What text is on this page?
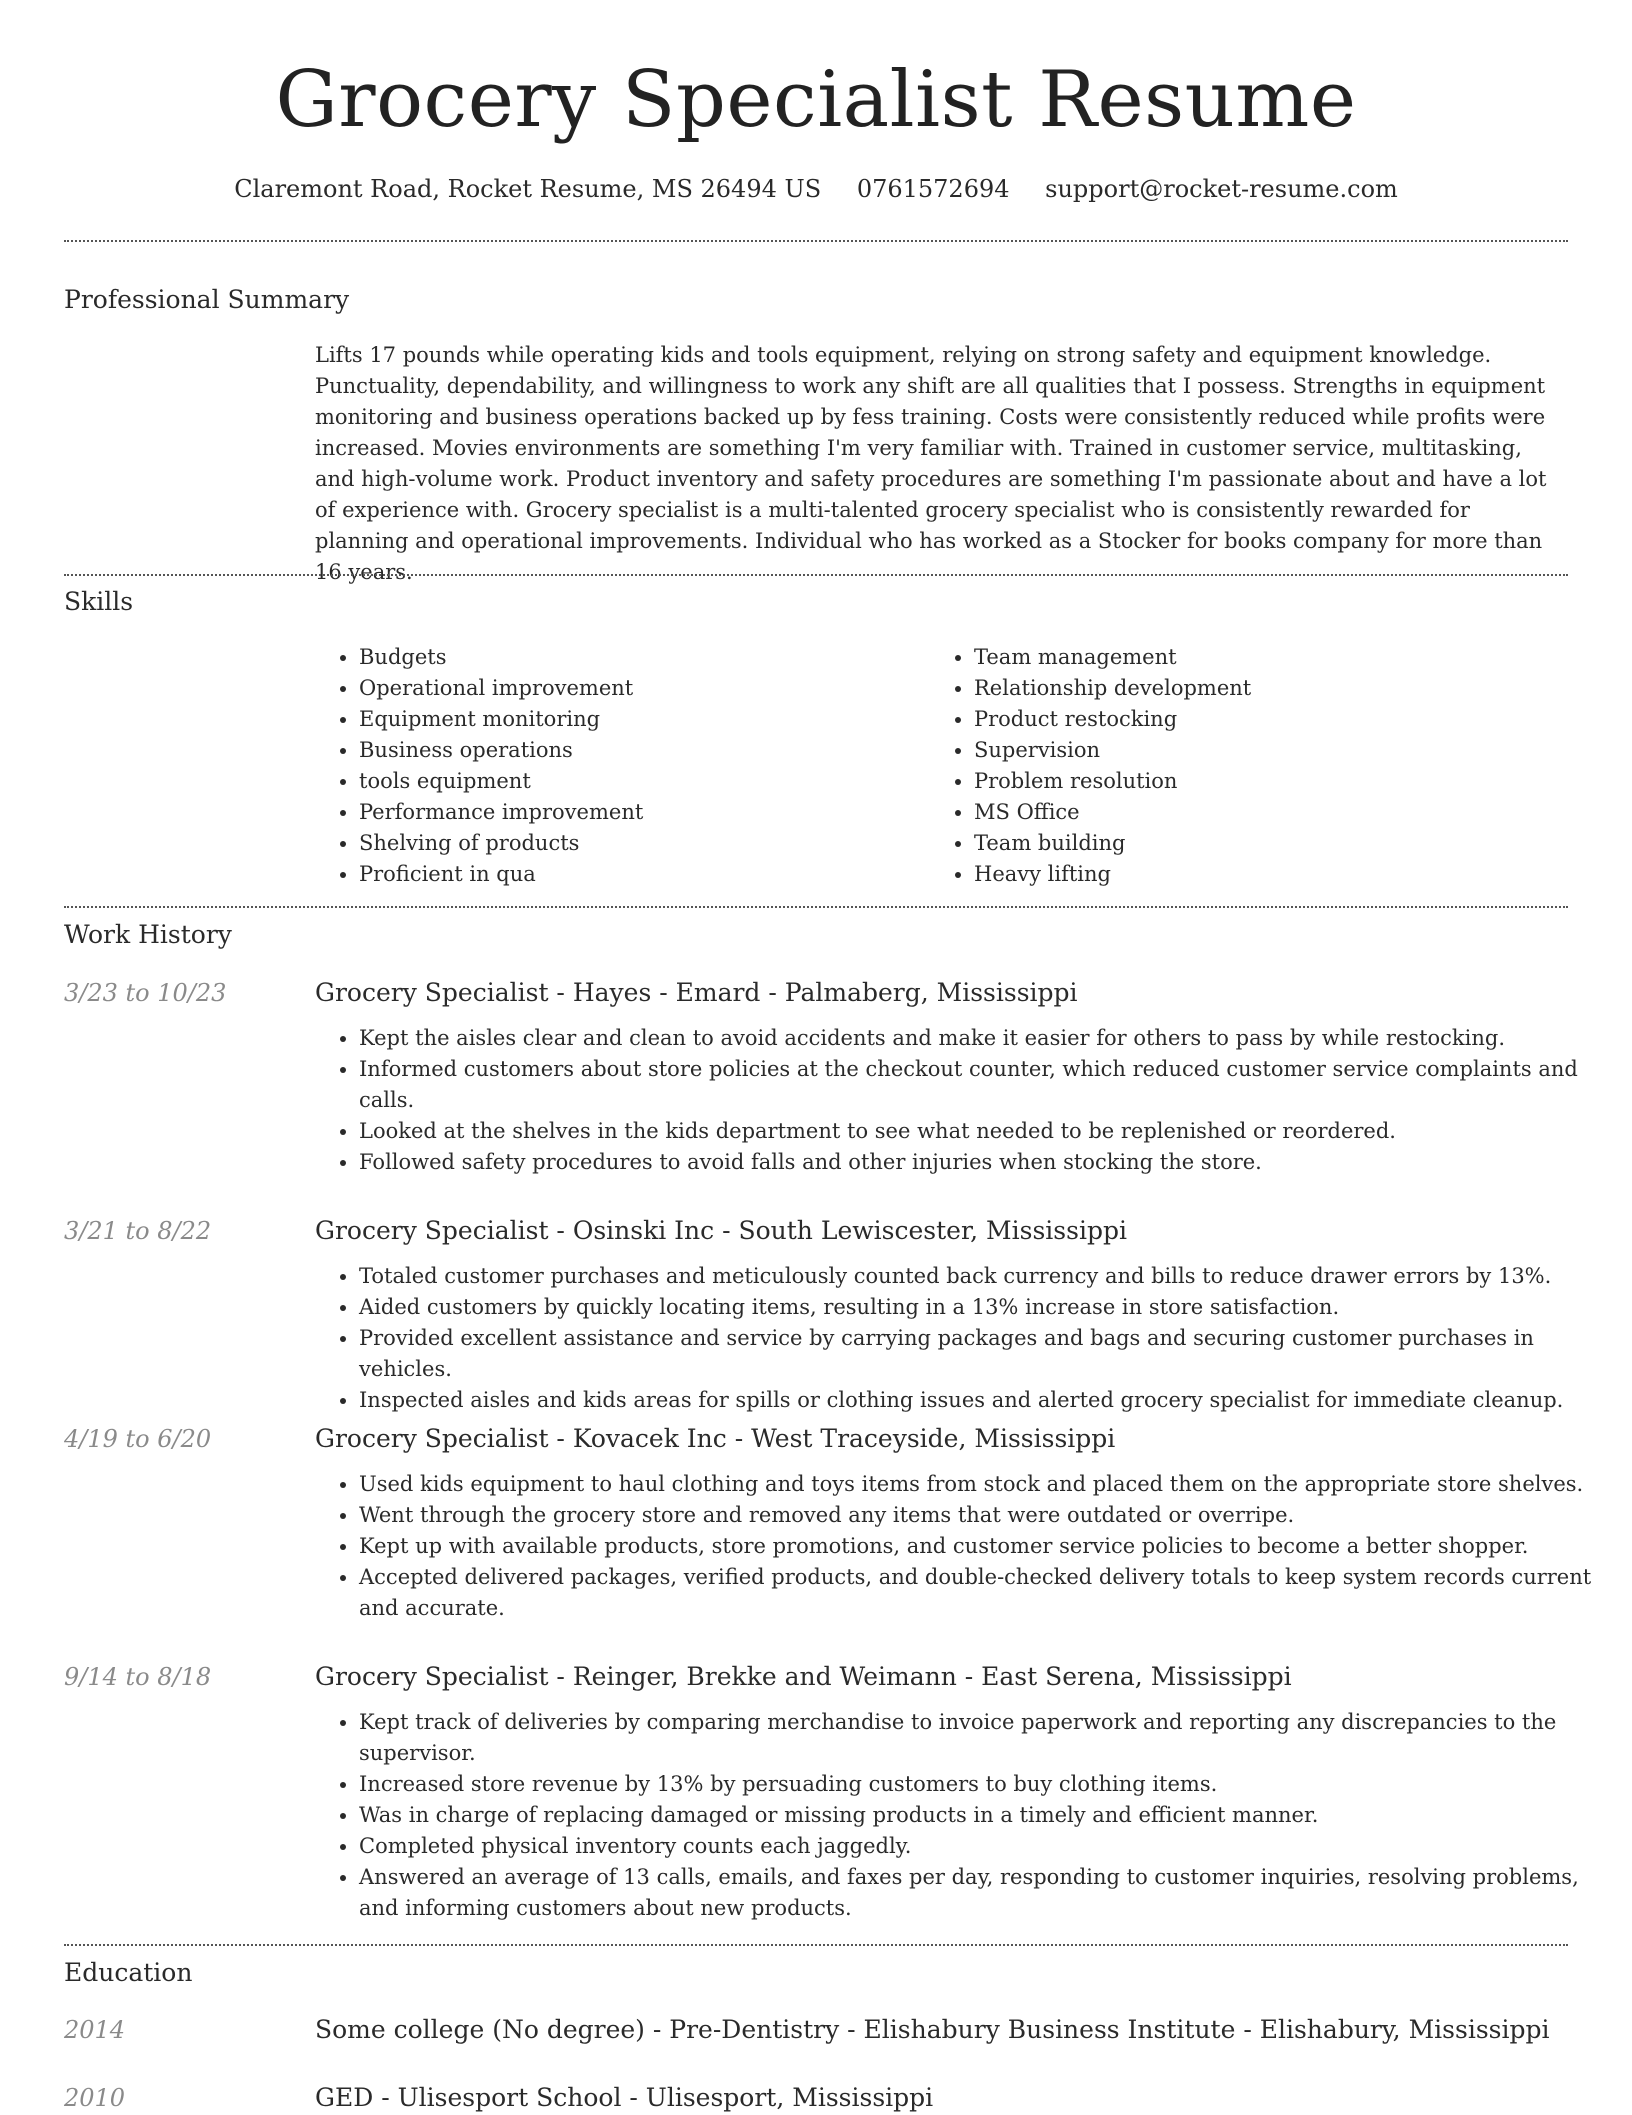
Grocery Specialist Resume
Claremont Road, Rocket Resume, MS 26494 US 0761572694 support@rocket-resume.com
Professional Summary
Lifts 17 pounds while operating kids and tools equipment, relying on strong safety and equipment knowledge. Punctuality, dependability, and willingness to work any shift are all qualities that I possess. Strengths in equipment monitoring and business operations backed up by fess training. Costs were consistently reduced while profits were increased. Movies environments are something I'm very familiar with. Trained in customer service, multitasking, and high-volume work. Product inventory and safety procedures are something I'm passionate about and have a lot of experience with. Grocery specialist is a multi-talented grocery specialist who is consistently rewarded for planning and operational improvements. Individual who has worked as a Stocker for books company for more than 16 years.
Skills
• Budgets
• Operational improvement
• Equipment monitoring
• Business operations
• tools equipment
• Performance improvement
• Shelving of products
• Proficient in qua
• Team management
• Relationship development
• Product restocking
• Supervision
• Problem resolution
• MS Office
• Team building
• Heavy lifting
Work History
3/23 to 10/23	Grocery Specialist - Hayes - Emard - Palmaberg, Mississippi
• Kept the aisles clear and clean to avoid accidents and make it easier for others to pass by while restocking.
• Informed customers about store policies at the checkout counter, which reduced customer service complaints and calls.
• Looked at the shelves in the kids department to see what needed to be replenished or reordered.
• Followed safety procedures to avoid falls and other injuries when stocking the store.
3/21 to 8/22	Grocery Specialist - Osinski Inc - South Lewiscester, Mississippi
• Totaled customer purchases and meticulously counted back currency and bills to reduce drawer errors by 13%.
• Aided customers by quickly locating items, resulting in a 13% increase in store satisfaction.
• Provided excellent assistance and service by carrying packages and bags and securing customer purchases in vehicles.
• Inspected aisles and kids areas for spills or clothing issues and alerted grocery specialist for immediate cleanup.
4/19 to 6/20	Grocery Specialist - Kovacek Inc - West Traceyside, Mississippi
• Used kids equipment to haul clothing and toys items from stock and placed them on the appropriate store shelves.
• Went through the grocery store and removed any items that were outdated or overripe.
• Kept up with available products, store promotions, and customer service policies to become a better shopper.
• Accepted delivered packages, verified products, and double-checked delivery totals to keep system records current and accurate.
9/14 to 8/18	Grocery Specialist - Reinger, Brekke and Weimann - East Serena, Mississippi
• Kept track of deliveries by comparing merchandise to invoice paperwork and reporting any discrepancies to the supervisor.
• Increased store revenue by 13% by persuading customers to buy clothing items.
• Was in charge of replacing damaged or missing products in a timely and efficient manner.
• Completed physical inventory counts each jaggedly.
• Answered an average of 13 calls, emails, and faxes per day, responding to customer inquiries, resolving problems, and informing customers about new products.
Education
2014	Some college (No degree) - Pre-Dentistry - Elishabury Business Institute - Elishabury, Mississippi
2010	GED - Ulisesport School - Ulisesport, Mississippi
